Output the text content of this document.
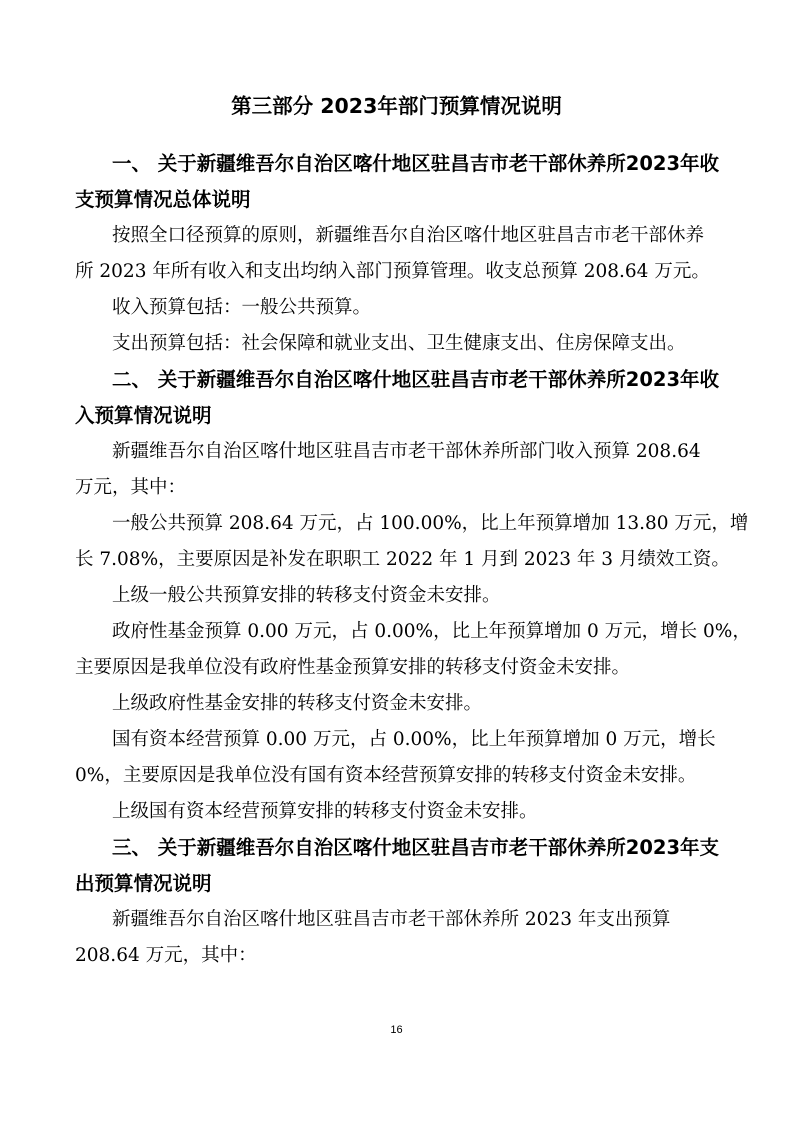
第三部分 2023年部门预算情况说明
一、 关于新疆维吾尔自治区喀什地区驻昌吉市老干部休养所2023年收
支预算情况总体说明
按照全口径预算的原则，新疆维吾尔自治区喀什地区驻昌吉市老干部休养
所 2023 年所有收入和支出均纳入部门预算管理。收支总预算 208.64 万元。
收入预算包括：一般公共预算。
支出预算包括：社会保障和就业支出、卫生健康支出、住房保障支出。
二、 关于新疆维吾尔自治区喀什地区驻昌吉市老干部休养所2023年收
入预算情况说明
新疆维吾尔自治区喀什地区驻昌吉市老干部休养所部门收入预算 208.64
万元，其中：
一般公共预算 208.64 万元，占 100.00%，比上年预算增加 13.80 万元，增
长 7.08%，主要原因是补发在职职工 2022 年 1 月到 2023 年 3 月绩效工资。
上级一般公共预算安排的转移支付资金未安排。
政府性基金预算 0.00 万元，占 0.00%，比上年预算增加 0 万元，增长 0%，
主要原因是我单位没有政府性基金预算安排的转移支付资金未安排。
上级政府性基金安排的转移支付资金未安排。
国有资本经营预算 0.00 万元，占 0.00%，比上年预算增加 0 万元，增长
0%，主要原因是我单位没有国有资本经营预算安排的转移支付资金未安排。
上级国有资本经营预算安排的转移支付资金未安排。
三、 关于新疆维吾尔自治区喀什地区驻昌吉市老干部休养所2023年支
出预算情况说明
新疆维吾尔自治区喀什地区驻昌吉市老干部休养所 2023 年支出预算
208.64 万元，其中：
16
